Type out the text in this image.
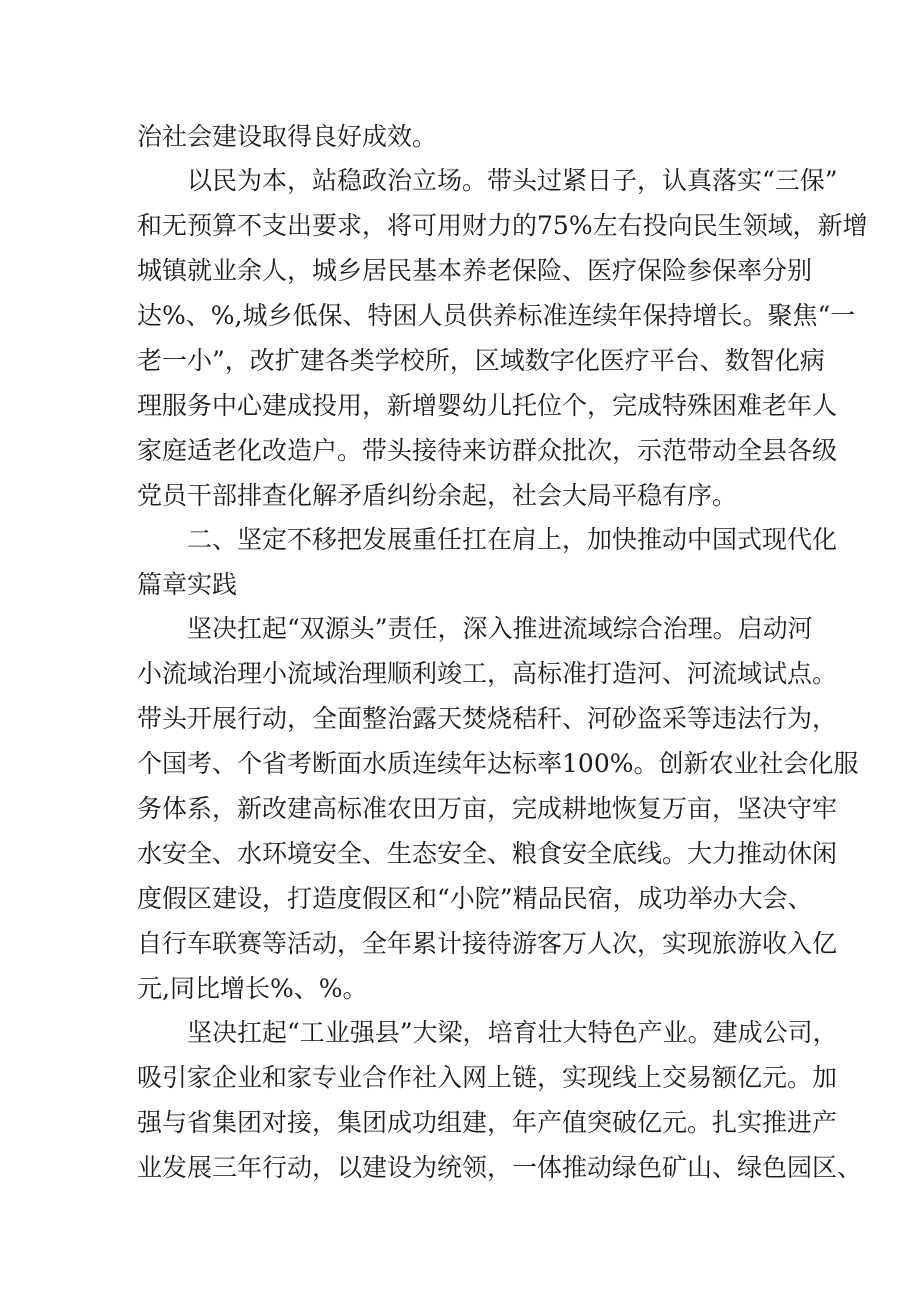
治社会建设取得良好成效。
以民为本，站稳政治立场。带头过紧日子，认真落实“三保”
和无预算不支出要求，将可用财力的75%左右投向民生领域，新增
城镇就业余人，城乡居民基本养老保险、医疗保险参保率分别
达%、%,城乡低保、特困人员供养标准连续年保持增长。聚焦“一
老一小”，改扩建各类学校所，区域数字化医疗平台、数智化病
理服务中心建成投用，新增婴幼儿托位个，完成特殊困难老年人
家庭适老化改造户。带头接待来访群众批次，示范带动全县各级
党员干部排查化解矛盾纠纷余起，社会大局平稳有序。
二、坚定不移把发展重任扛在肩上，加快推动中国式现代化
篇章实践
坚决扛起“双源头”责任，深入推进流域综合治理。启动河
小流域治理小流域治理顺利竣工，高标准打造河、河流域试点。
带头开展行动，全面整治露天焚烧秸秆、河砂盗采等违法行为，
个国考、个省考断面水质连续年达标率100%。创新农业社会化服
务体系，新改建高标准农田万亩，完成耕地恢复万亩，坚决守牢
水安全、水环境安全、生态安全、粮食安全底线。大力推动休闲
度假区建设，打造度假区和“小院”精品民宿，成功举办大会、
自行车联赛等活动，全年累计接待游客万人次，实现旅游收入亿
元,同比增长%、%。
坚决扛起“工业强县”大梁，培育壮大特色产业。建成公司，
吸引家企业和家专业合作社入网上链，实现线上交易额亿元。加
强与省集团对接，集团成功组建，年产值突破亿元。扎实推进产
业发展三年行动，以建设为统领，一体推动绿色矿山、绿色园区、
